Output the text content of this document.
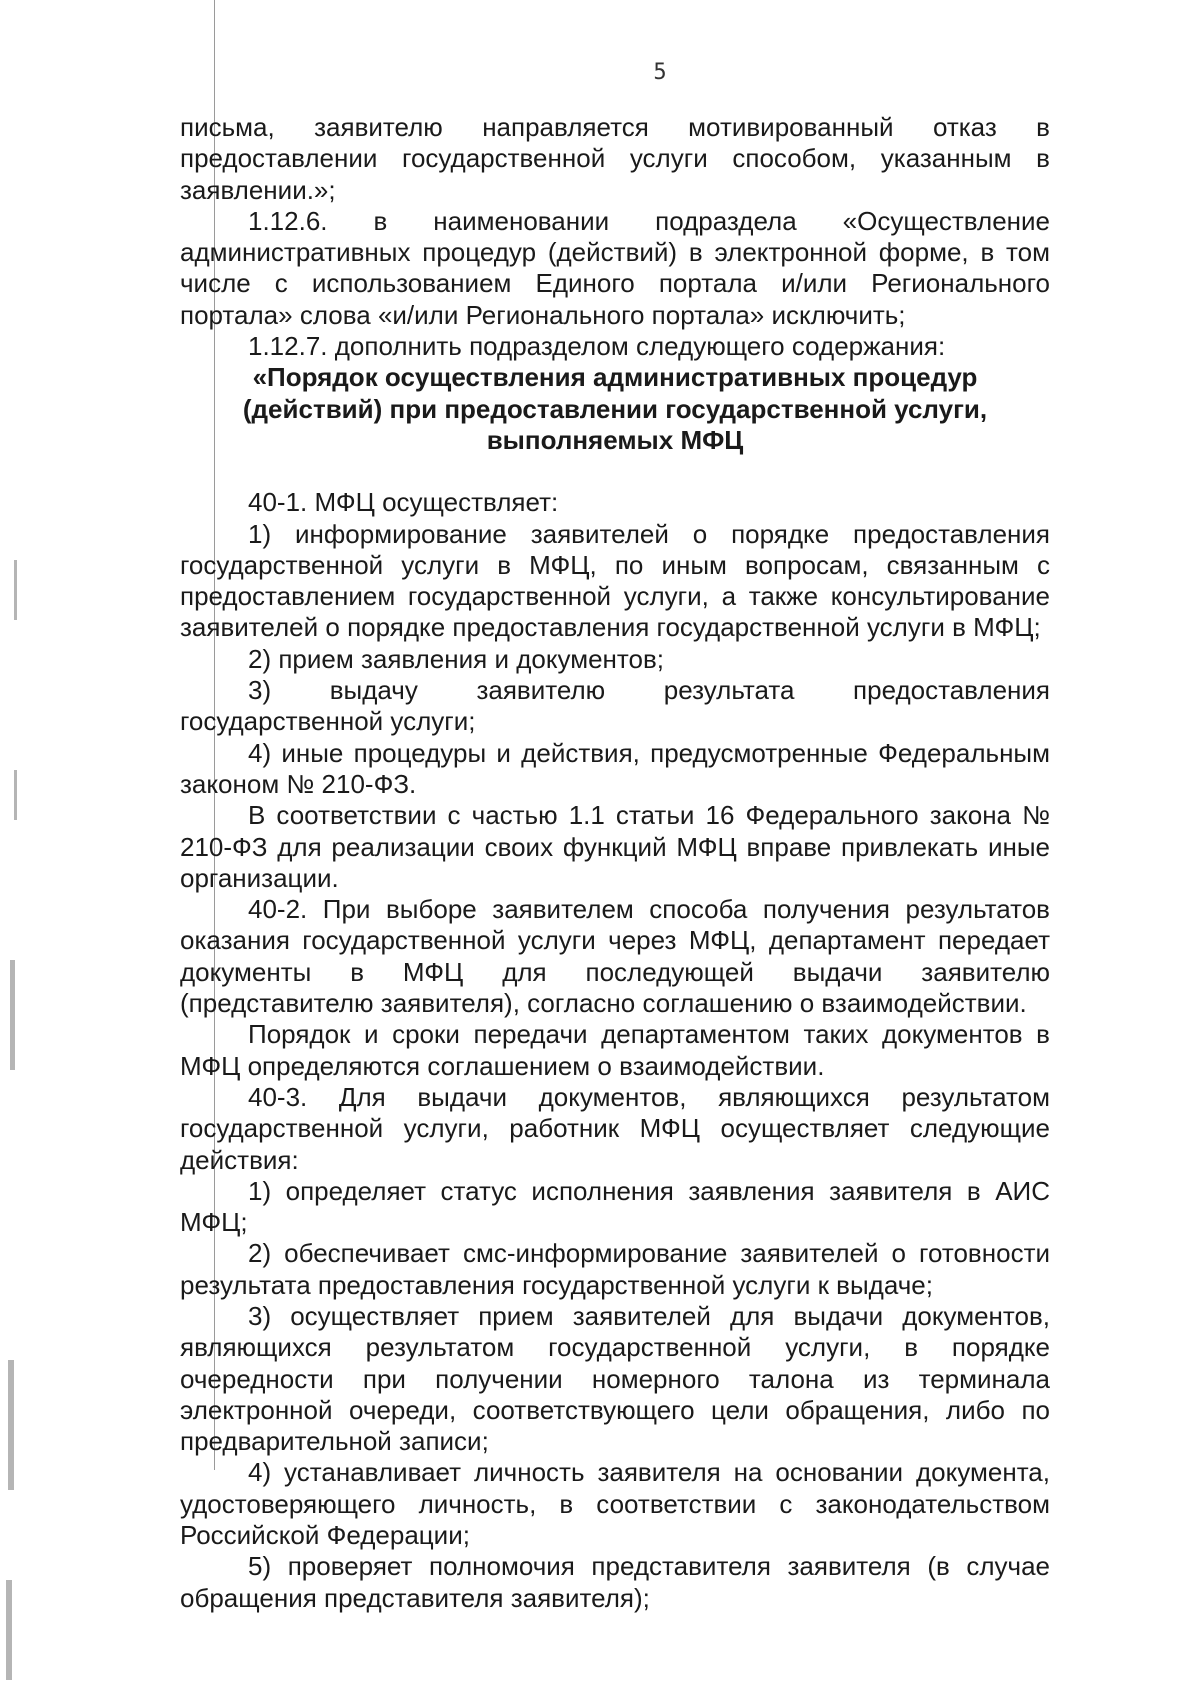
5

письма, заявителю направляется мотивированный отказ в предоставлении государственной услуги способом, указанным в заявлении.»;

1.12.6. в наименовании подраздела «Осуществление административных процедур (действий) в электронной форме, в том числе с использованием Единого портала и/или Регионального портала» слова «и/или Регионального портала» исключить;

1.12.7. дополнить подразделом следующего содержания:

«Порядок осуществления административных процедур (действий) при предоставлении государственной услуги, выполняемых МФЦ

40-1. МФЦ осуществляет:

1) информирование заявителей о порядке предоставления государственной услуги в МФЦ, по иным вопросам, связанным с предоставлением государственной услуги, а также консультирование заявителей о порядке предоставления государственной услуги в МФЦ;

2) прием заявления и документов;

3) выдачу заявителю результата предоставления государственной услуги;

4) иные процедуры и действия, предусмотренные Федеральным законом № 210-ФЗ.

В соответствии с частью 1.1 статьи 16 Федерального закона № 210-ФЗ для реализации своих функций МФЦ вправе привлекать иные организации.

40-2. При выборе заявителем способа получения результатов оказания государственной услуги через МФЦ, департамент передает документы в МФЦ для последующей выдачи заявителю (представителю заявителя), согласно соглашению о взаимодействии.

Порядок и сроки передачи департаментом таких документов в МФЦ определяются соглашением о взаимодействии.

40-3. Для выдачи документов, являющихся результатом государственной услуги, работник МФЦ осуществляет следующие действия:

1) определяет статус исполнения заявления заявителя в АИС МФЦ;

2) обеспечивает смс-информирование заявителей о готовности результата предоставления государственной услуги к выдаче;

3) осуществляет прием заявителей для выдачи документов, являющихся результатом государственной услуги, в порядке очередности при получении номерного талона из терминала электронной очереди, соответствующего цели обращения, либо по предварительной записи;

4) устанавливает личность заявителя на основании документа, удостоверяющего личность, в соответствии с законодательством Российской Федерации;

5) проверяет полномочия представителя заявителя (в случае обращения представителя заявителя);
